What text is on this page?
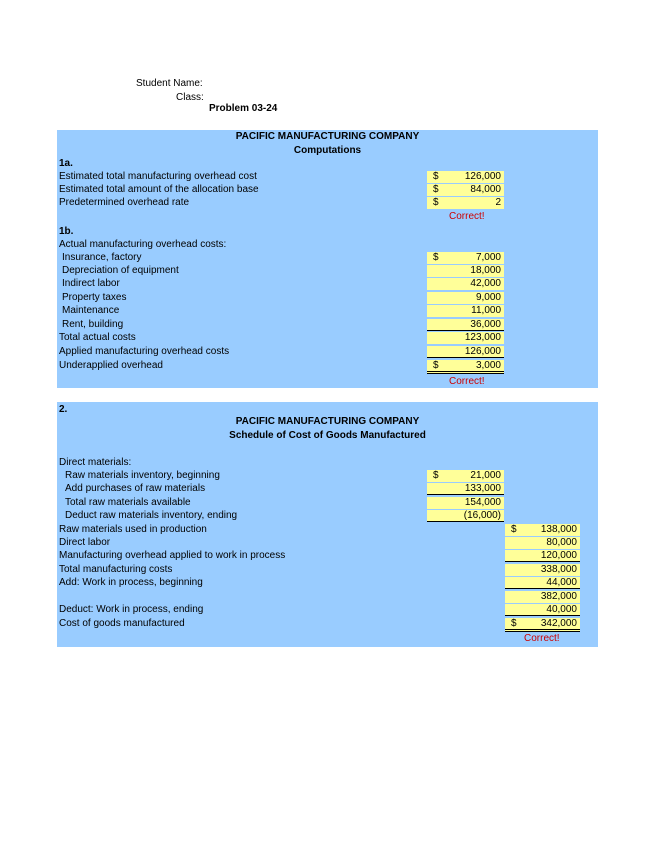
Student Name:
Class:
Problem 03-24
PACIFIC MANUFACTURING COMPANY
Computations
1a.
Estimated total manufacturing overhead cost	$	126,000
Estimated total amount of the allocation base	$	84,000
Predetermined overhead rate	$	2
Correct!
1b.
Actual manufacturing overhead costs:
Insurance, factory	$	7,000
Depreciation of equipment	18,000
Indirect labor	42,000
Property taxes	9,000
Maintenance	11,000
Rent, building	36,000
Total actual costs	123,000
Applied manufacturing overhead costs	126,000
Underapplied overhead	$	3,000
Correct!
2.
PACIFIC MANUFACTURING COMPANY
Schedule of Cost of Goods Manufactured
Direct materials:
Raw materials inventory, beginning	$	21,000
Add purchases of raw materials	133,000
Total raw materials available	154,000
Deduct raw materials inventory, ending	(16,000)
Raw materials used in production	$ 138,000
Direct labor	80,000
Manufacturing overhead applied to work in process	120,000
Total manufacturing costs	338,000
Add: Work in process, beginning	44,000
382,000
Deduct: Work in process, ending	40,000
Cost of goods manufactured	$ 342,000
Correct!
